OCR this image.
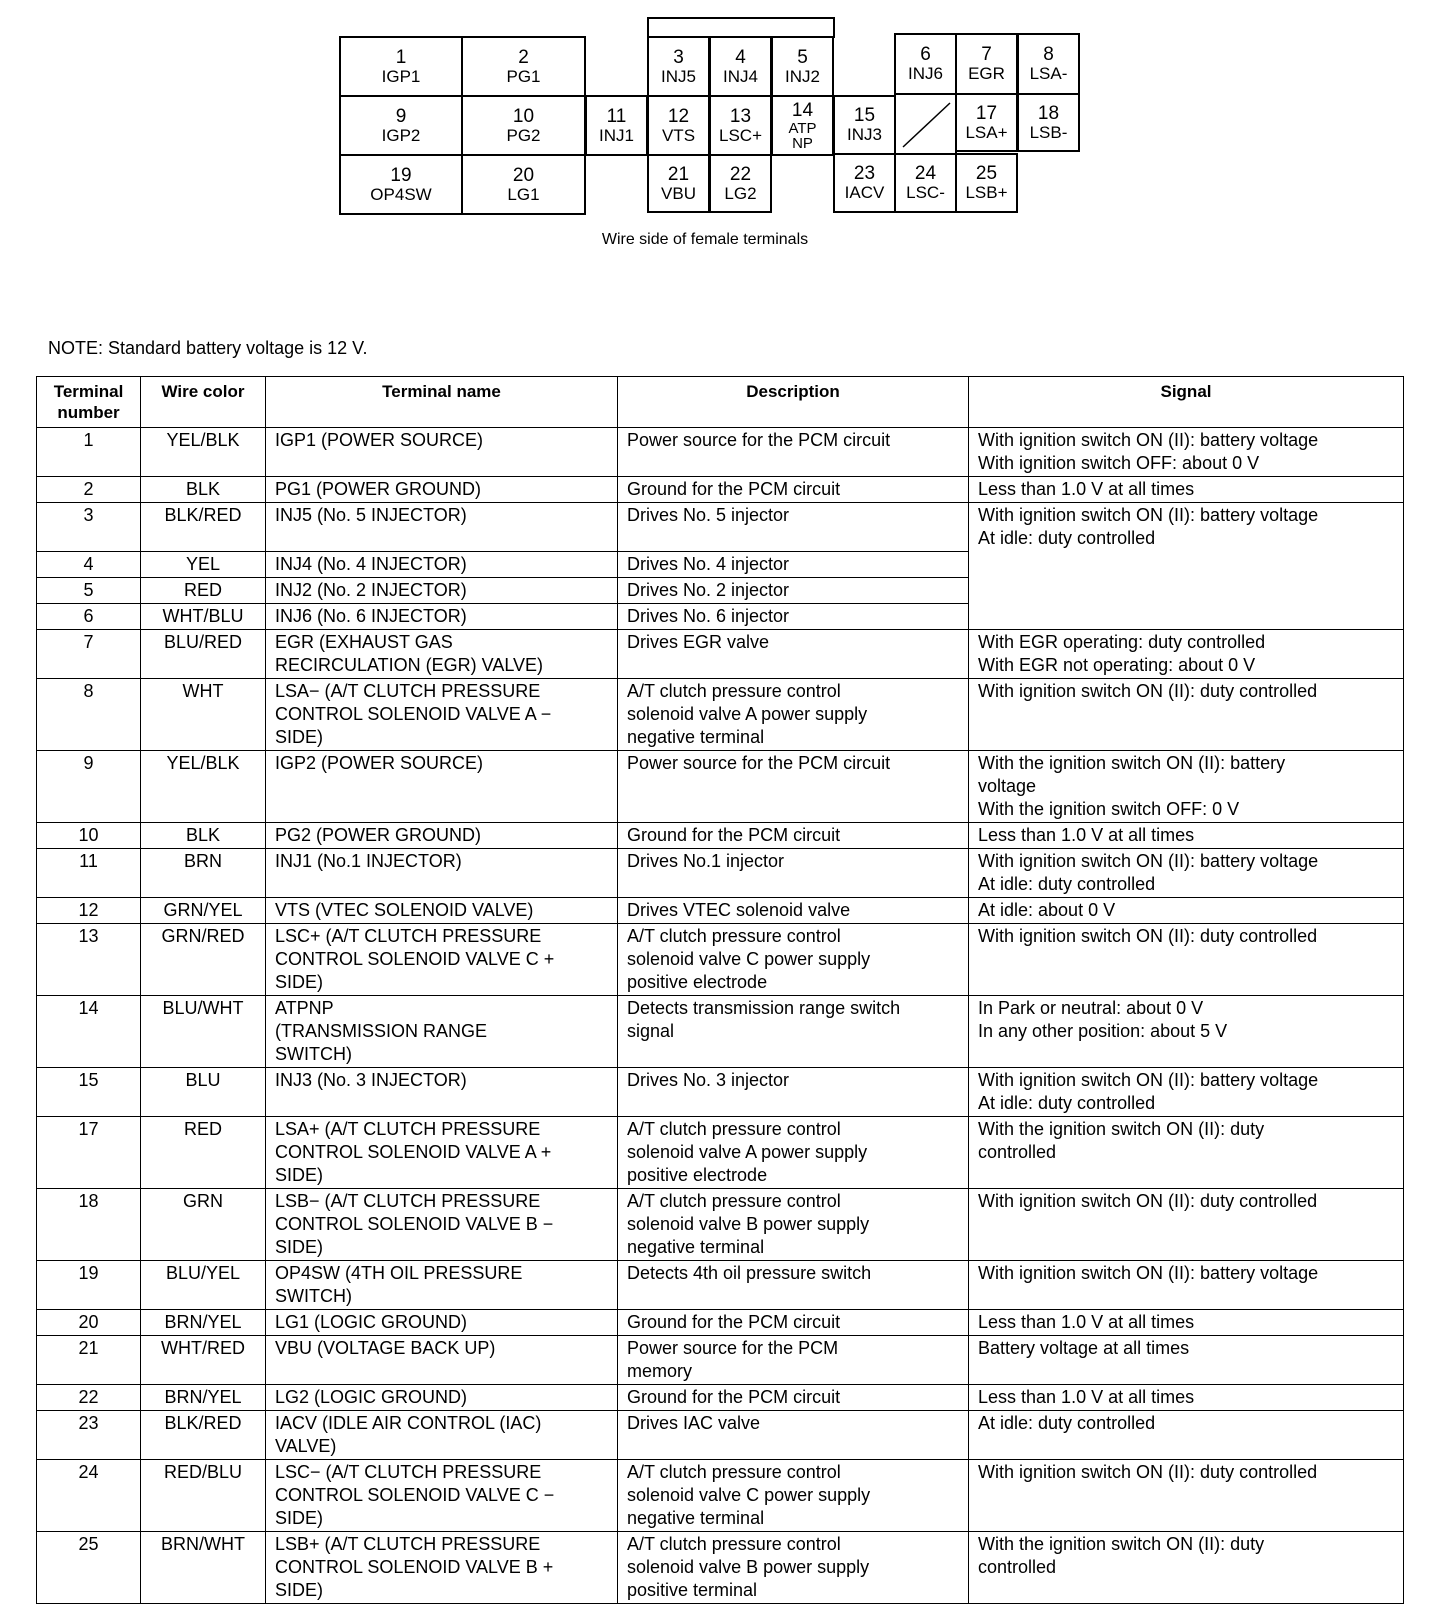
1
IGP1
2
PG1
3
INJ5
4
INJ4
5
INJ2
6
INJ6
7
EGR
8
LSA-
9
IGP2
10
PG2
11
INJ1
12
VTS
13
LSC+
14
ATP NP
15
INJ3
17
LSA+
18
LSB-
19
OP4SW
20
LG1
21
VBU
22
LG2
23
IACV
24
LSC-
25
LSB+
Wire side of female terminals
NOTE: Standard battery voltage is 12 V.
Terminal number	Wire color	Terminal name	Description	Signal
1	YEL/BLK	IGP1 (POWER SOURCE)	Power source for the PCM circuit	With ignition switch ON (II): battery voltage
With ignition switch OFF: about 0 V
2	BLK	PG1 (POWER GROUND)	Ground for the PCM circuit	Less than 1.0 V at all times
3	BLK/RED	INJ5 (No. 5 INJECTOR)	Drives No. 5 injector	With ignition switch ON (II): battery voltage
At idle: duty controlled
4	YEL	INJ4 (No. 4 INJECTOR)	Drives No. 4 injector	
5	RED	INJ2 (No. 2 INJECTOR)	Drives No. 2 injector	
6	WHT/BLU	INJ6 (No. 6 INJECTOR)	Drives No. 6 injector	
7	BLU/RED	EGR (EXHAUST GAS
RECIRCULATION (EGR) VALVE)	Drives EGR valve	With EGR operating: duty controlled
With EGR not operating: about 0 V
8	WHT	LSA− (A/T CLUTCH PRESSURE
CONTROL SOLENOID VALVE A −
SIDE)	A/T clutch pressure control
solenoid valve A power supply
negative terminal	With ignition switch ON (II): duty controlled
9	YEL/BLK	IGP2 (POWER SOURCE)	Power source for the PCM circuit	With the ignition switch ON (II): battery
voltage
With the ignition switch OFF: 0 V
10	BLK	PG2 (POWER GROUND)	Ground for the PCM circuit	Less than 1.0 V at all times
11	BRN	INJ1 (No.1 INJECTOR)	Drives No.1 injector	With ignition switch ON (II): battery voltage
At idle: duty controlled
12	GRN/YEL	VTS (VTEC SOLENOID VALVE)	Drives VTEC solenoid valve	At idle: about 0 V
13	GRN/RED	LSC+ (A/T CLUTCH PRESSURE
CONTROL SOLENOID VALVE C +
SIDE)	A/T clutch pressure control
solenoid valve C power supply
positive electrode	With ignition switch ON (II): duty controlled
14	BLU/WHT	ATPNP
(TRANSMISSION RANGE
SWITCH)	Detects transmission range switch
signal	In Park or neutral: about 0 V
In any other position: about 5 V
15	BLU	INJ3 (No. 3 INJECTOR)	Drives No. 3 injector	With ignition switch ON (II): battery voltage
At idle: duty controlled
17	RED	LSA+ (A/T CLUTCH PRESSURE
CONTROL SOLENOID VALVE A +
SIDE)	A/T clutch pressure control
solenoid valve A power supply
positive electrode	With the ignition switch ON (II): duty
controlled
18	GRN	LSB− (A/T CLUTCH PRESSURE
CONTROL SOLENOID VALVE B −
SIDE)	A/T clutch pressure control
solenoid valve B power supply
negative terminal	With ignition switch ON (II): duty controlled
19	BLU/YEL	OP4SW (4TH OIL PRESSURE
SWITCH)	Detects 4th oil pressure switch	With ignition switch ON (II): battery voltage
20	BRN/YEL	LG1 (LOGIC GROUND)	Ground for the PCM circuit	Less than 1.0 V at all times
21	WHT/RED	VBU (VOLTAGE BACK UP)	Power source for the PCM
memory	Battery voltage at all times
22	BRN/YEL	LG2 (LOGIC GROUND)	Ground for the PCM circuit	Less than 1.0 V at all times
23	BLK/RED	IACV (IDLE AIR CONTROL (IAC)
VALVE)	Drives IAC valve	At idle: duty controlled
24	RED/BLU	LSC− (A/T CLUTCH PRESSURE
CONTROL SOLENOID VALVE C −
SIDE)	A/T clutch pressure control
solenoid valve C power supply
negative terminal	With ignition switch ON (II): duty controlled
25	BRN/WHT	LSB+ (A/T CLUTCH PRESSURE
CONTROL SOLENOID VALVE B +
SIDE)	A/T clutch pressure control
solenoid valve B power supply
positive terminal	With the ignition switch ON (II): duty
controlled
